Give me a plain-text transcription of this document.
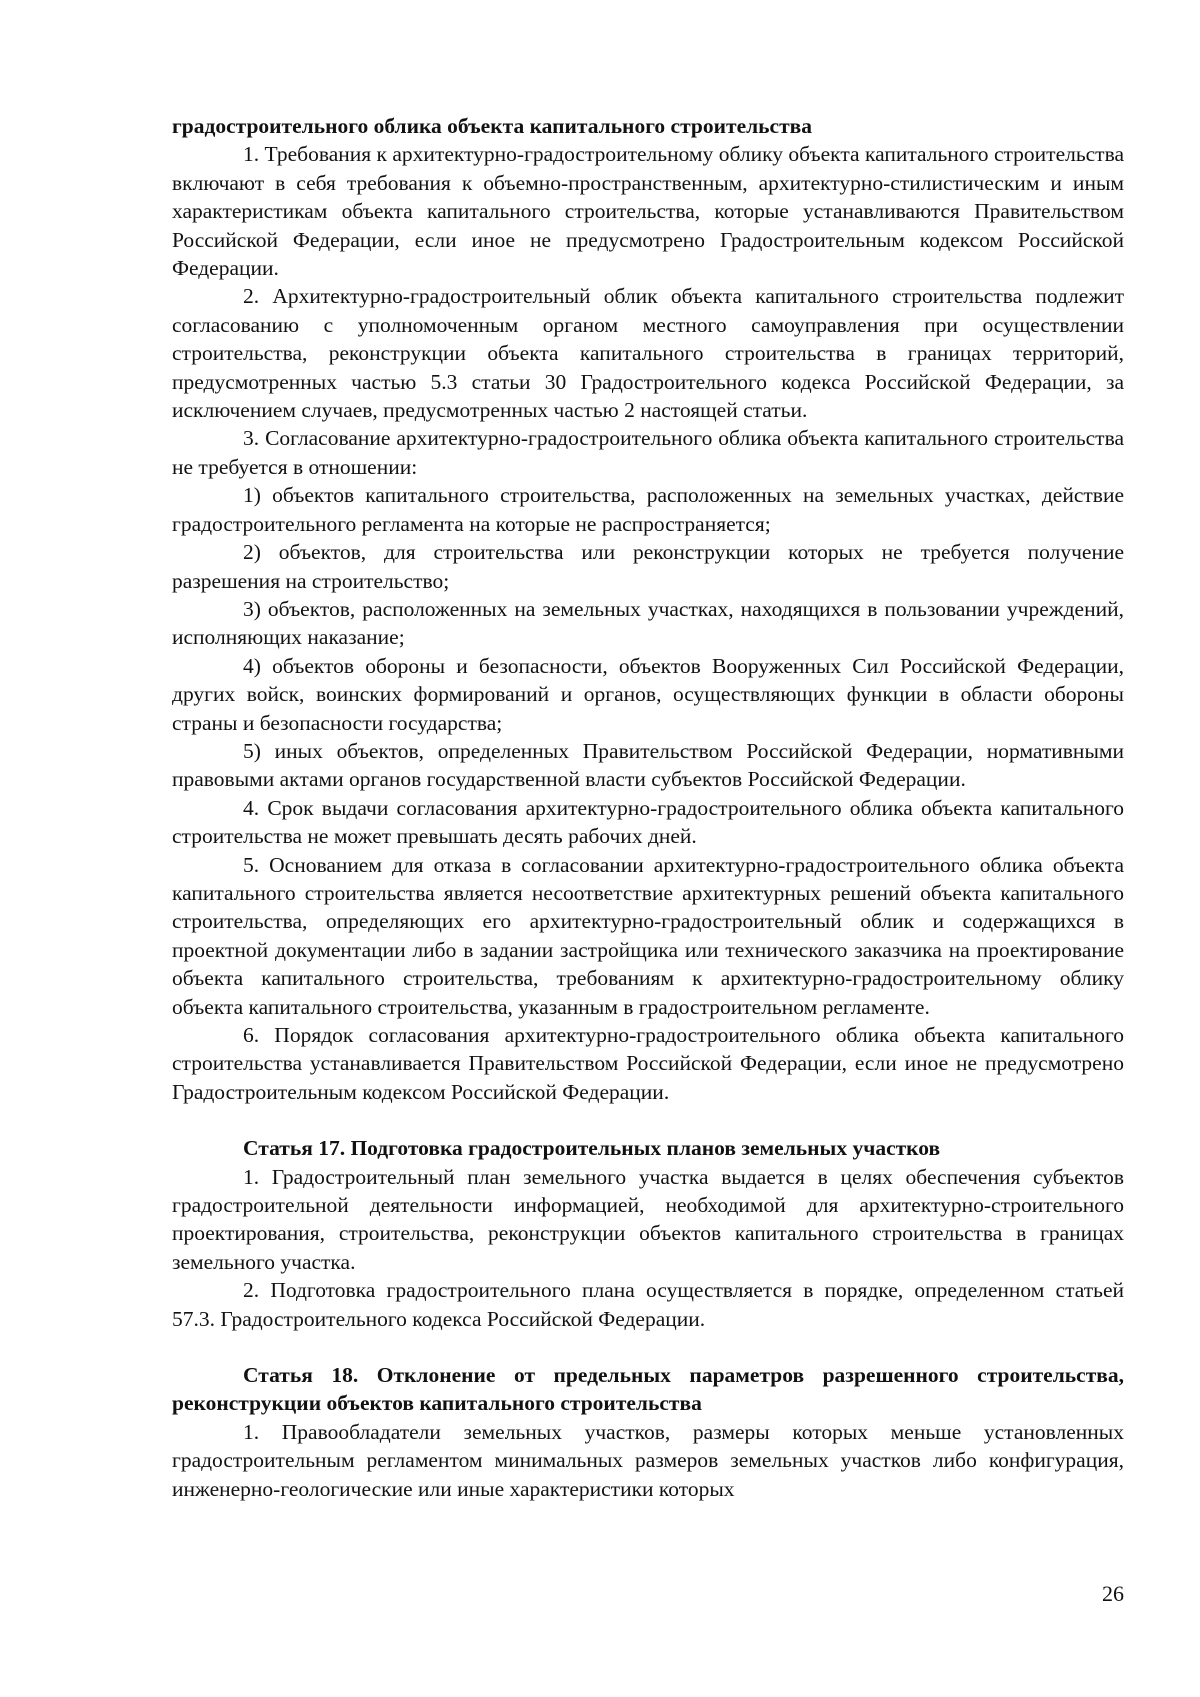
градостроительного облика объекта капитального строительства

1. Требования к архитектурно-градостроительному облику объекта капитального строительства включают в себя требования к объемно-пространственным, архитектурно-стилистическим и иным характеристикам объекта капитального строительства, которые устанавливаются Правительством Российской Федерации, если иное не предусмотрено Градостроительным кодексом Российской Федерации.

2. Архитектурно-градостроительный облик объекта капитального строительства подлежит согласованию с уполномоченным органом местного самоуправления при осуществлении строительства, реконструкции объекта капитального строительства в границах территорий, предусмотренных частью 5.3 статьи 30 Градостроительного кодекса Российской Федерации, за исключением случаев, предусмотренных частью 2 настоящей статьи.

3. Согласование архитектурно-градостроительного облика объекта капитального строительства не требуется в отношении:

1) объектов капитального строительства, расположенных на земельных участках, действие градостроительного регламента на которые не распространяется;

2) объектов, для строительства или реконструкции которых не требуется получение разрешения на строительство;

3) объектов, расположенных на земельных участках, находящихся в пользовании учреждений, исполняющих наказание;

4) объектов обороны и безопасности, объектов Вооруженных Сил Российской Федерации, других войск, воинских формирований и органов, осуществляющих функции в области обороны страны и безопасности государства;

5) иных объектов, определенных Правительством Российской Федерации, нормативными правовыми актами органов государственной власти субъектов Российской Федерации.

4. Срок выдачи согласования архитектурно-градостроительного облика объекта капитального строительства не может превышать десять рабочих дней.

5. Основанием для отказа в согласовании архитектурно-градостроительного облика объекта капитального строительства является несоответствие архитектурных решений объекта капитального строительства, определяющих его архитектурно-градостроительный облик и содержащихся в проектной документации либо в задании застройщика или технического заказчика на проектирование объекта капитального строительства, требованиям к архитектурно-градостроительному облику объекта капитального строительства, указанным в градостроительном регламенте.

6. Порядок согласования архитектурно-градостроительного облика объекта капитального строительства устанавливается Правительством Российской Федерации, если иное не предусмотрено Градостроительным кодексом Российской Федерации.

Статья 17. Подготовка градостроительных планов земельных участков

1. Градостроительный план земельного участка выдается в целях обеспечения субъектов градостроительной деятельности информацией, необходимой для архитектурно-строительного проектирования, строительства, реконструкции объектов капитального строительства в границах земельного участка.

2. Подготовка градостроительного плана осуществляется в порядке, определенном статьей 57.3. Градостроительного кодекса Российской Федерации.

Статья 18. Отклонение от предельных параметров разрешенного строительства, реконструкции объектов капитального строительства

1. Правообладатели земельных участков, размеры которых меньше установленных градостроительным регламентом минимальных размеров земельных участков либо конфигурация, инженерно-геологические или иные характеристики которых

26
